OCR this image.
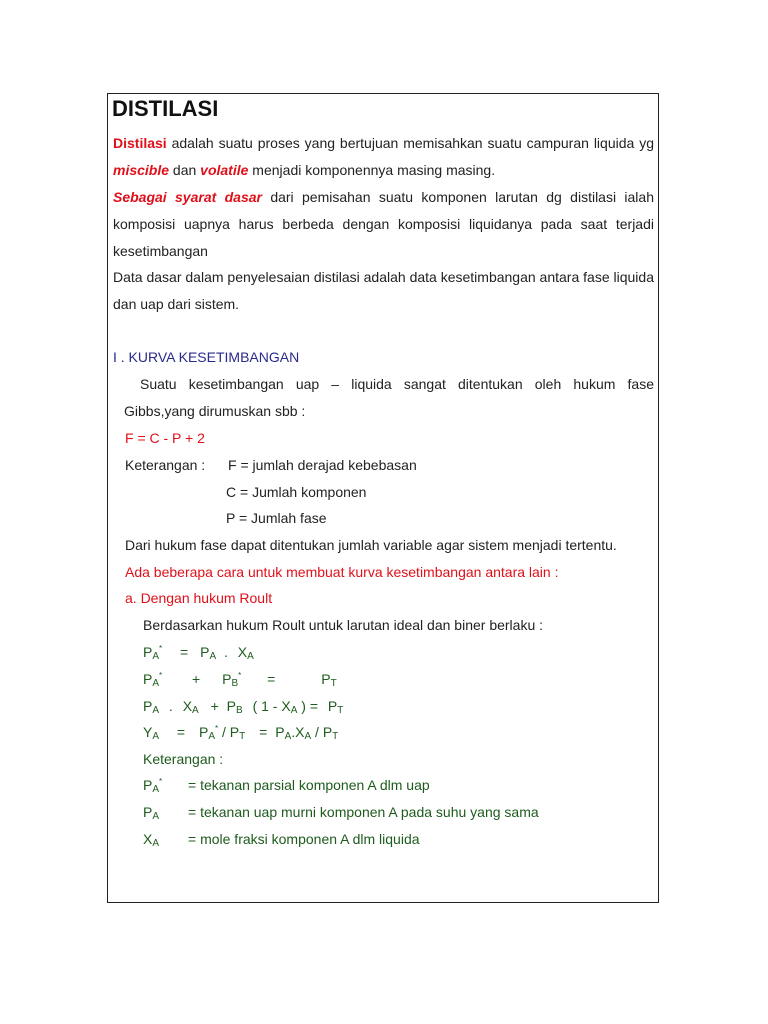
DISTILASI
Distilasi adalah suatu proses yang bertujuan memisahkan suatu campuran liquida yg miscible dan volatile menjadi komponennya masing masing.
Sebagai syarat dasar dari pemisahan suatu komponen larutan dg distilasi ialah komposisi uapnya harus berbeda dengan komposisi liquidanya pada saat terjadi kesetimbangan
Data dasar dalam penyelesaian distilasi adalah data kesetimbangan antara fase liquida dan uap dari sistem.
I . KURVA KESETIMBANGAN
Suatu kesetimbangan uap – liquida sangat ditentukan oleh hukum fase
Gibbs,yang dirumuskan sbb :
F = C - P + 2
Keterangan : F = jumlah derajad kebebasan
C = Jumlah komponen
P = Jumlah fase
Dari hukum fase dapat ditentukan jumlah variable agar sistem menjadi tertentu.
Ada beberapa cara untuk membuat kurva kesetimbangan antara lain :
a. Dengan hukum Roult
Berdasarkan hukum Roult untuk larutan ideal dan biner berlaku :
$P_A^* = P_A$ . $X_A$
$P_A^* + P_B^*$ =	$P_T$
$P_A$ . $X_A + P_B$ ( $1 - X_A$ ) = $P_T$
$Y_A = P_A^* / P_T = P_A.X_A / P_T$
Keterangan :
$P_A^*$ = tekanan parsial komponen A dlm uap
$P_A$ = tekanan uap murni komponen A pada suhu yang sama
$X_A$ = mole fraksi komponen A dlm liquida
